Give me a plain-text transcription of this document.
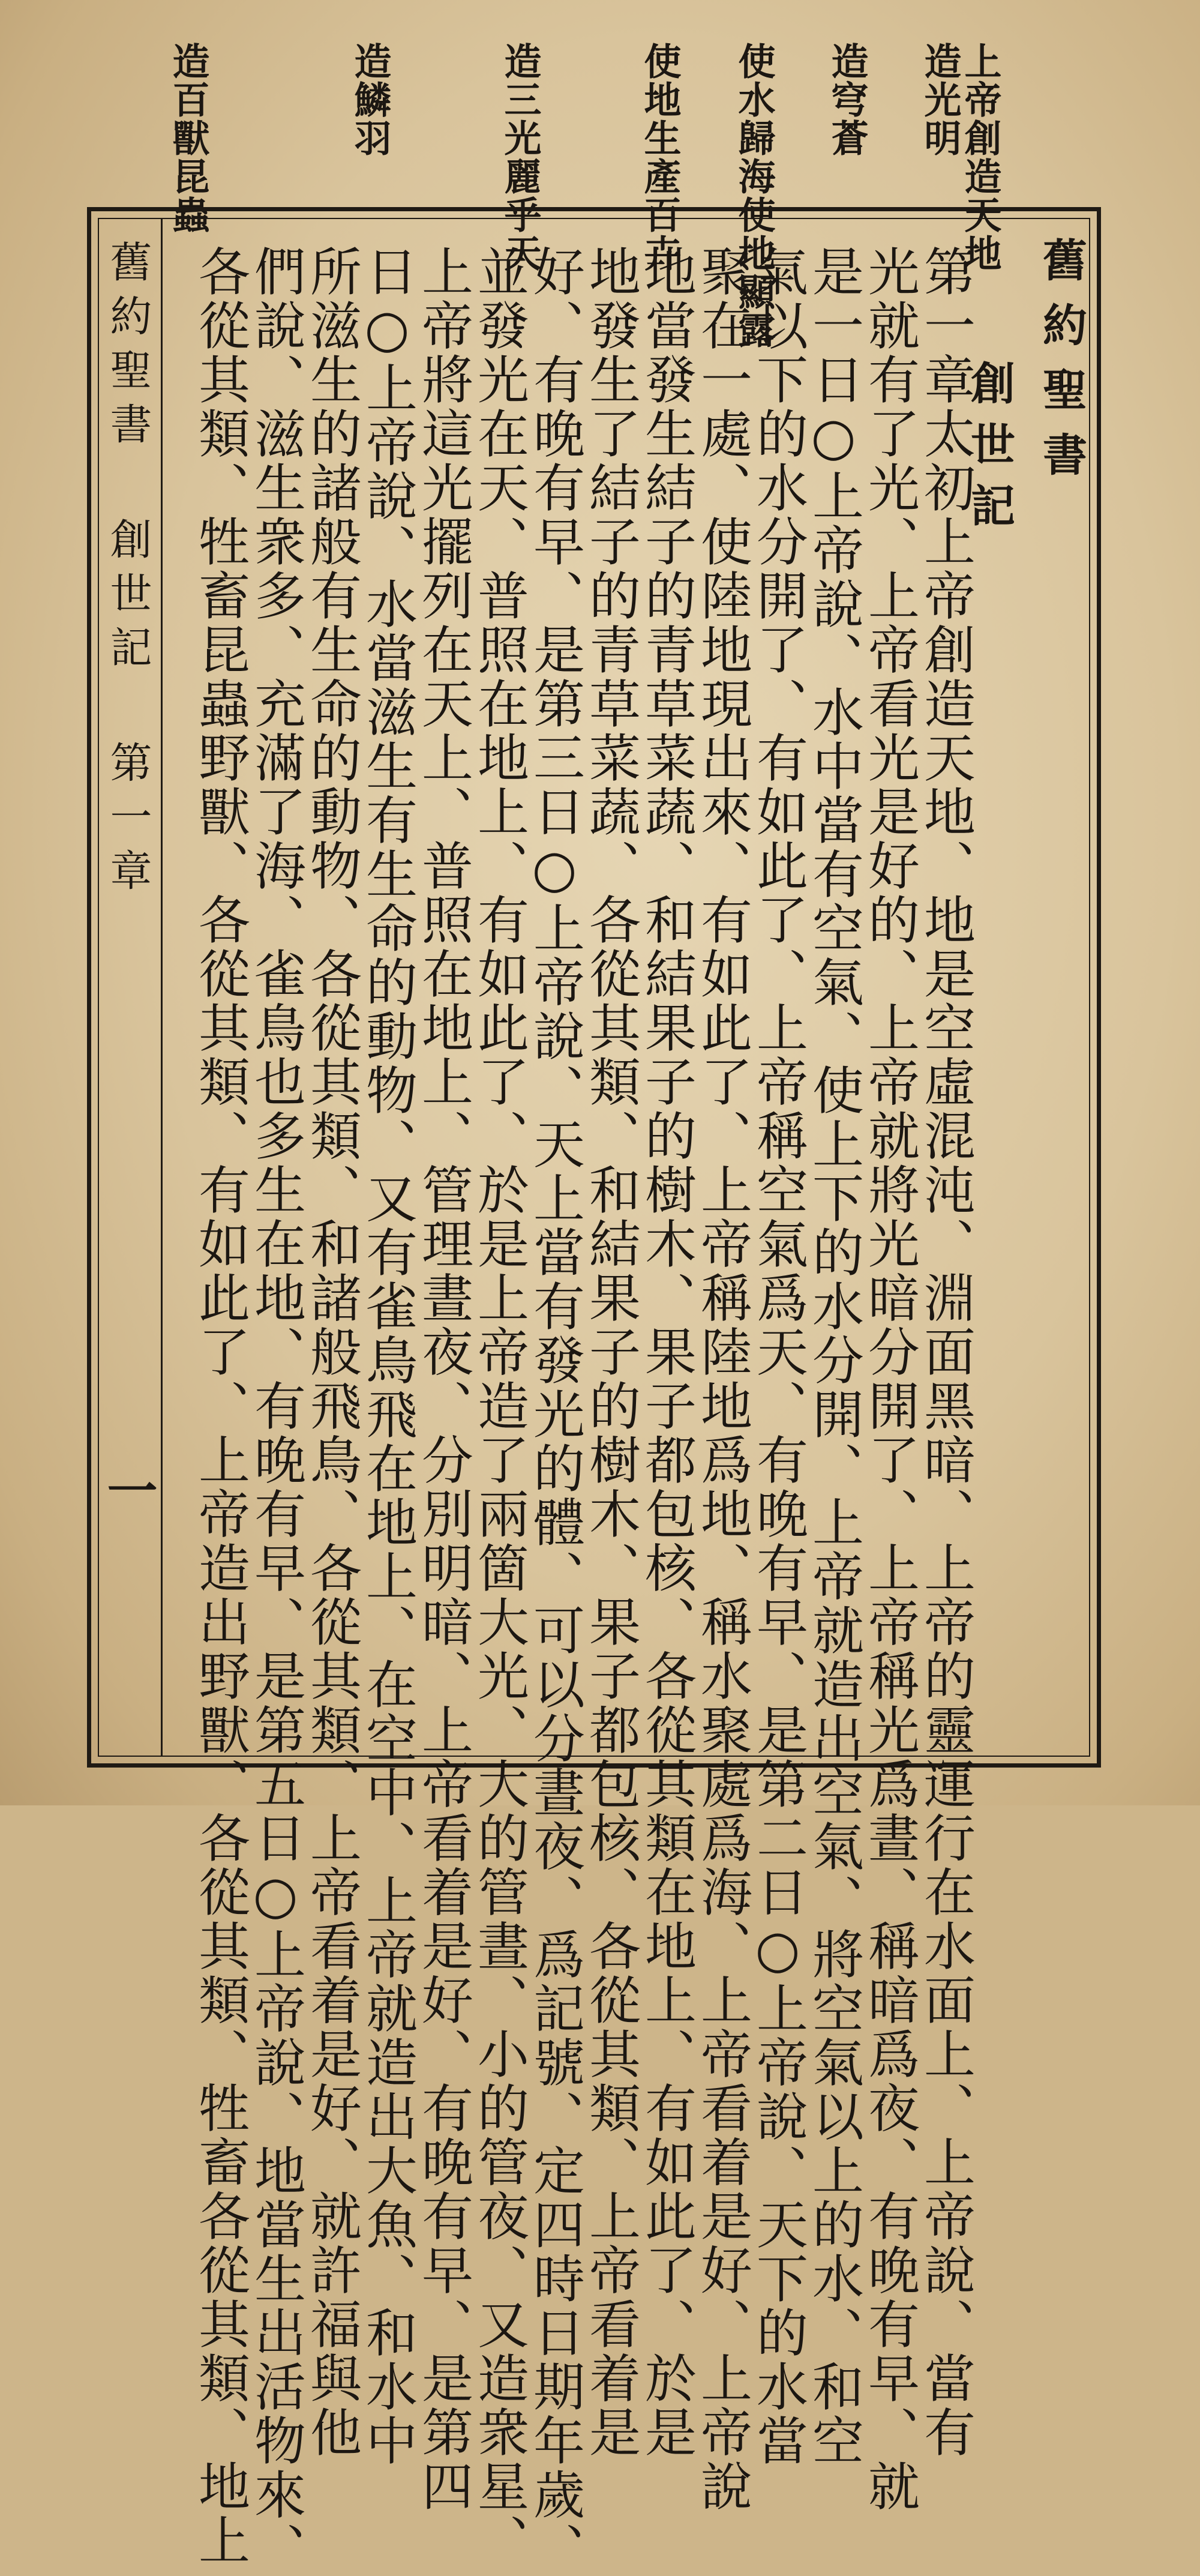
上帝創造天地
造光明
造穹蒼
使水歸海使地顯露
使地生產百卉
造三光麗乎天
造鱗羽
造百獸昆蟲
舊約聖書
創世記
第一章太初上帝創造天地、地是空虛混沌、淵面黑暗、上帝的靈運行在水面上、上帝說、當有
光就有了光、上帝看光是好的、上帝就將光暗分開了、上帝稱光爲晝、稱暗爲夜、有晚有早、就
是一日○上帝說、水中當有空氣、使上下的水分開、上帝就造出空氣、將空氣以上的水、和空
氣以下的水分開了、有如此了、上帝稱空氣爲天、有晚有早、是第二日○上帝說、天下的水當
聚在一處、使陸地現出來、有如此了、上帝稱陸地爲地、稱水聚處爲海、上帝看着是好、上帝說
地當發生結子的青草菜蔬、和結果子的樹木、果子都包核、各從其類在地上、有如此了、於是
地發生了結子的青草菜蔬、各從其類、和結果子的樹木、果子都包核、各從其類、上帝看着是
好、有晚有早、是第三日○上帝說、天上當有發光的體、可以分晝夜、爲記號、定四時日期年歲、
並發光在天、普照在地上、有如此了、於是上帝造了兩箇大光、大的管晝、小的管夜、又造衆星、
上帝將這光擺列在天上、普照在地上、管理晝夜、分別明暗、上帝看着是好、有晚有早、是第四
日○上帝說、水當滋生有生命的動物、又有雀鳥飛在地上、在空中、上帝就造出大魚、和水中
所滋生的諸般有生命的動物、各從其類、和諸般飛鳥、各從其類、上帝看着是好、就許福與他
們說、滋生衆多、充滿了海、雀鳥也多生在地、有晚有早、是第五日○上帝說、地當生出活物來、
各從其類、牲畜昆蟲野獸、各從其類、有如此了、上帝造出野獸、各從其類、牲畜各從其類、地上
舊約聖書 創世記 第一章
一
